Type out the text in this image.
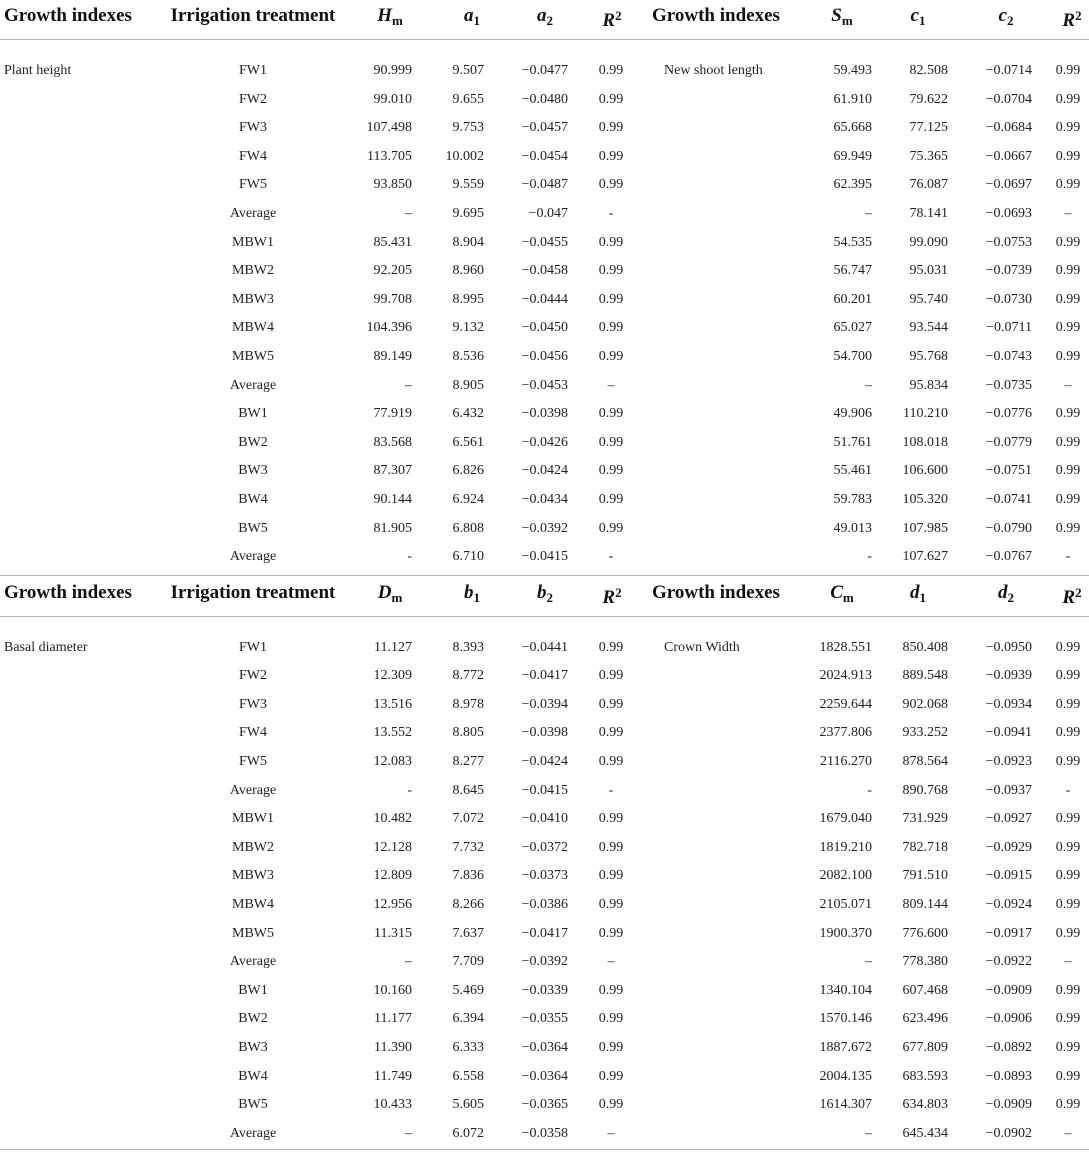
Growth indexes	Irrigation treatment	$H_m$	$a_1$	$a_2$	$R^2$	Growth indexes	$S_m$	$c_1$	$c_2$	$R^2$
Plant height	FW1	90.999	9.507	−0.0477	0.99	New shoot length	59.493	82.508	−0.0714	0.99
FW2	99.010	9.655	−0.0480	0.99	61.910	79.622	−0.0704	0.99
FW3	107.498	9.753	−0.0457	0.99	65.668	77.125	−0.0684	0.99
FW4	113.705	10.002	−0.0454	0.99	69.949	75.365	−0.0667	0.99
FW5	93.850	9.559	−0.0487	0.99	62.395	76.087	−0.0697	0.99
Average	–	9.695	−0.047	-	–	78.141	−0.0693	–
MBW1	85.431	8.904	−0.0455	0.99	54.535	99.090	−0.0753	0.99
MBW2	92.205	8.960	−0.0458	0.99	56.747	95.031	−0.0739	0.99
MBW3	99.708	8.995	−0.0444	0.99	60.201	95.740	−0.0730	0.99
MBW4	104.396	9.132	−0.0450	0.99	65.027	93.544	−0.0711	0.99
MBW5	89.149	8.536	−0.0456	0.99	54.700	95.768	−0.0743	0.99
Average	–	8.905	−0.0453	–	–	95.834	−0.0735	–
BW1	77.919	6.432	−0.0398	0.99	49.906	110.210	−0.0776	0.99
BW2	83.568	6.561	−0.0426	0.99	51.761	108.018	−0.0779	0.99
BW3	87.307	6.826	−0.0424	0.99	55.461	106.600	−0.0751	0.99
BW4	90.144	6.924	−0.0434	0.99	59.783	105.320	−0.0741	0.99
BW5	81.905	6.808	−0.0392	0.99	49.013	107.985	−0.0790	0.99
Average	-	6.710	−0.0415	-	-	107.627	−0.0767	-
Growth indexes	Irrigation treatment	$D_m$	$b_1$	$b_2$	$R^2$	Growth indexes	$C_m$	$d_1$	$d_2$	$R^2$
Basal diameter	FW1	11.127	8.393	−0.0441	0.99	Crown Width	1828.551	850.408	−0.0950	0.99
FW2	12.309	8.772	−0.0417	0.99	2024.913	889.548	−0.0939	0.99
FW3	13.516	8.978	−0.0394	0.99	2259.644	902.068	−0.0934	0.99
FW4	13.552	8.805	−0.0398	0.99	2377.806	933.252	−0.0941	0.99
FW5	12.083	8.277	−0.0424	0.99	2116.270	878.564	−0.0923	0.99
Average	-	8.645	−0.0415	-	-	890.768	−0.0937	-
MBW1	10.482	7.072	−0.0410	0.99	1679.040	731.929	−0.0927	0.99
MBW2	12.128	7.732	−0.0372	0.99	1819.210	782.718	−0.0929	0.99
MBW3	12.809	7.836	−0.0373	0.99	2082.100	791.510	−0.0915	0.99
MBW4	12.956	8.266	−0.0386	0.99	2105.071	809.144	−0.0924	0.99
MBW5	11.315	7.637	−0.0417	0.99	1900.370	776.600	−0.0917	0.99
Average	–	7.709	−0.0392	–	–	778.380	−0.0922	–
BW1	10.160	5.469	−0.0339	0.99	1340.104	607.468	−0.0909	0.99
BW2	11.177	6.394	−0.0355	0.99	1570.146	623.496	−0.0906	0.99
BW3	11.390	6.333	−0.0364	0.99	1887.672	677.809	−0.0892	0.99
BW4	11.749	6.558	−0.0364	0.99	2004.135	683.593	−0.0893	0.99
BW5	10.433	5.605	−0.0365	0.99	1614.307	634.803	−0.0909	0.99
Average	–	6.072	−0.0358	–	–	645.434	−0.0902	–
